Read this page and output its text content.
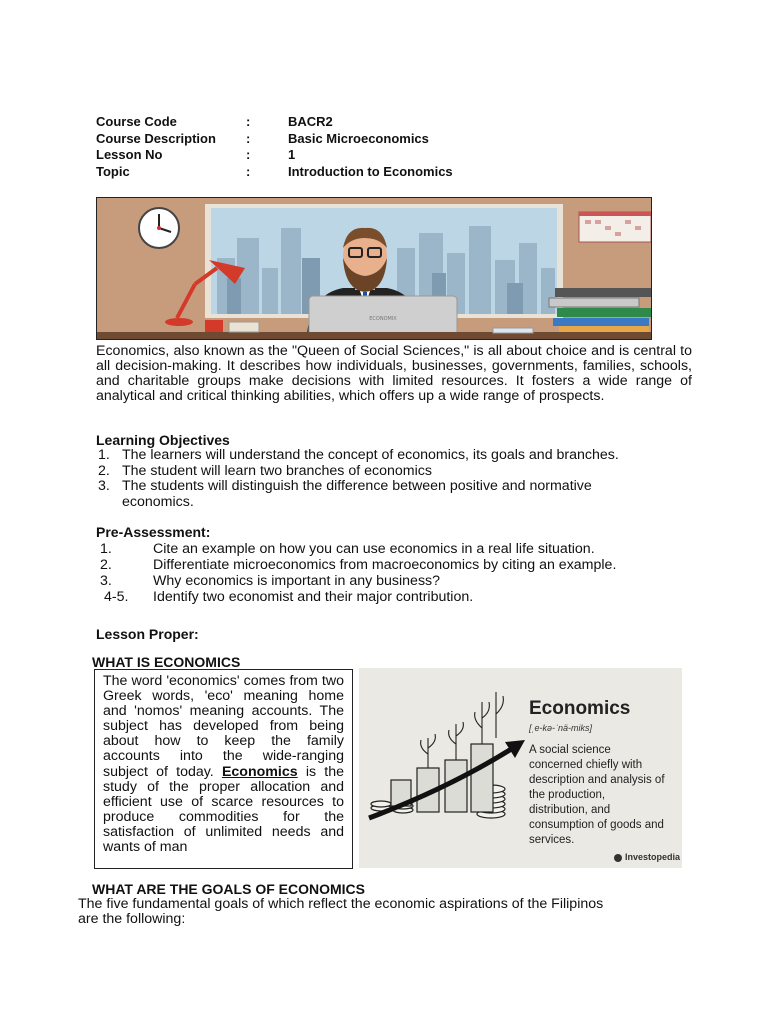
Course Code	:	BACR2
Course Description	:	Basic Microeconomics
Lesson No	:	1
Topic	:	Introduction to Economics
ECONOMIX
Economics, also known as the "Queen of Social Sciences," is all about choice and is central to all decision-making. It describes how individuals, businesses, governments, families, schools, and charitable groups make decisions with limited resources. It fosters a wide range of analytical and critical thinking abilities, which offers up a wide range of prospects.
Learning Objectives
1. The learners will understand the concept of economics, its goals and branches.
2. The student will learn two branches of economics
3. The students will distinguish the difference between positive and normative economics.
Pre-Assessment:
1.	Cite an example on how you can use economics in a real life situation.
2.	Differentiate microeconomics from macroeconomics by citing an example.
3.	Why economics is important in any business?
4-5.	Identify two economist and their major contribution.
Lesson Proper:
WHAT IS ECONOMICS
The word 'economics' comes from two Greek words, 'eco' meaning home and 'nomos' meaning accounts. The subject has developed from being about how to keep the family accounts into the wide-ranging subject of today. Economics is the study of the proper allocation and efficient use of scarce resources to produce commodities for the satisfaction of unlimited needs and wants of man
Economics
[ˌe-kə-ˈnä-miks]
A social science concerned chiefly with description and analysis of the production, distribution, and consumption of goods and services.
Investopedia
WHAT ARE THE GOALS OF ECONOMICS
The five fundamental goals of which reflect the economic aspirations of the Filipinos are the following:
